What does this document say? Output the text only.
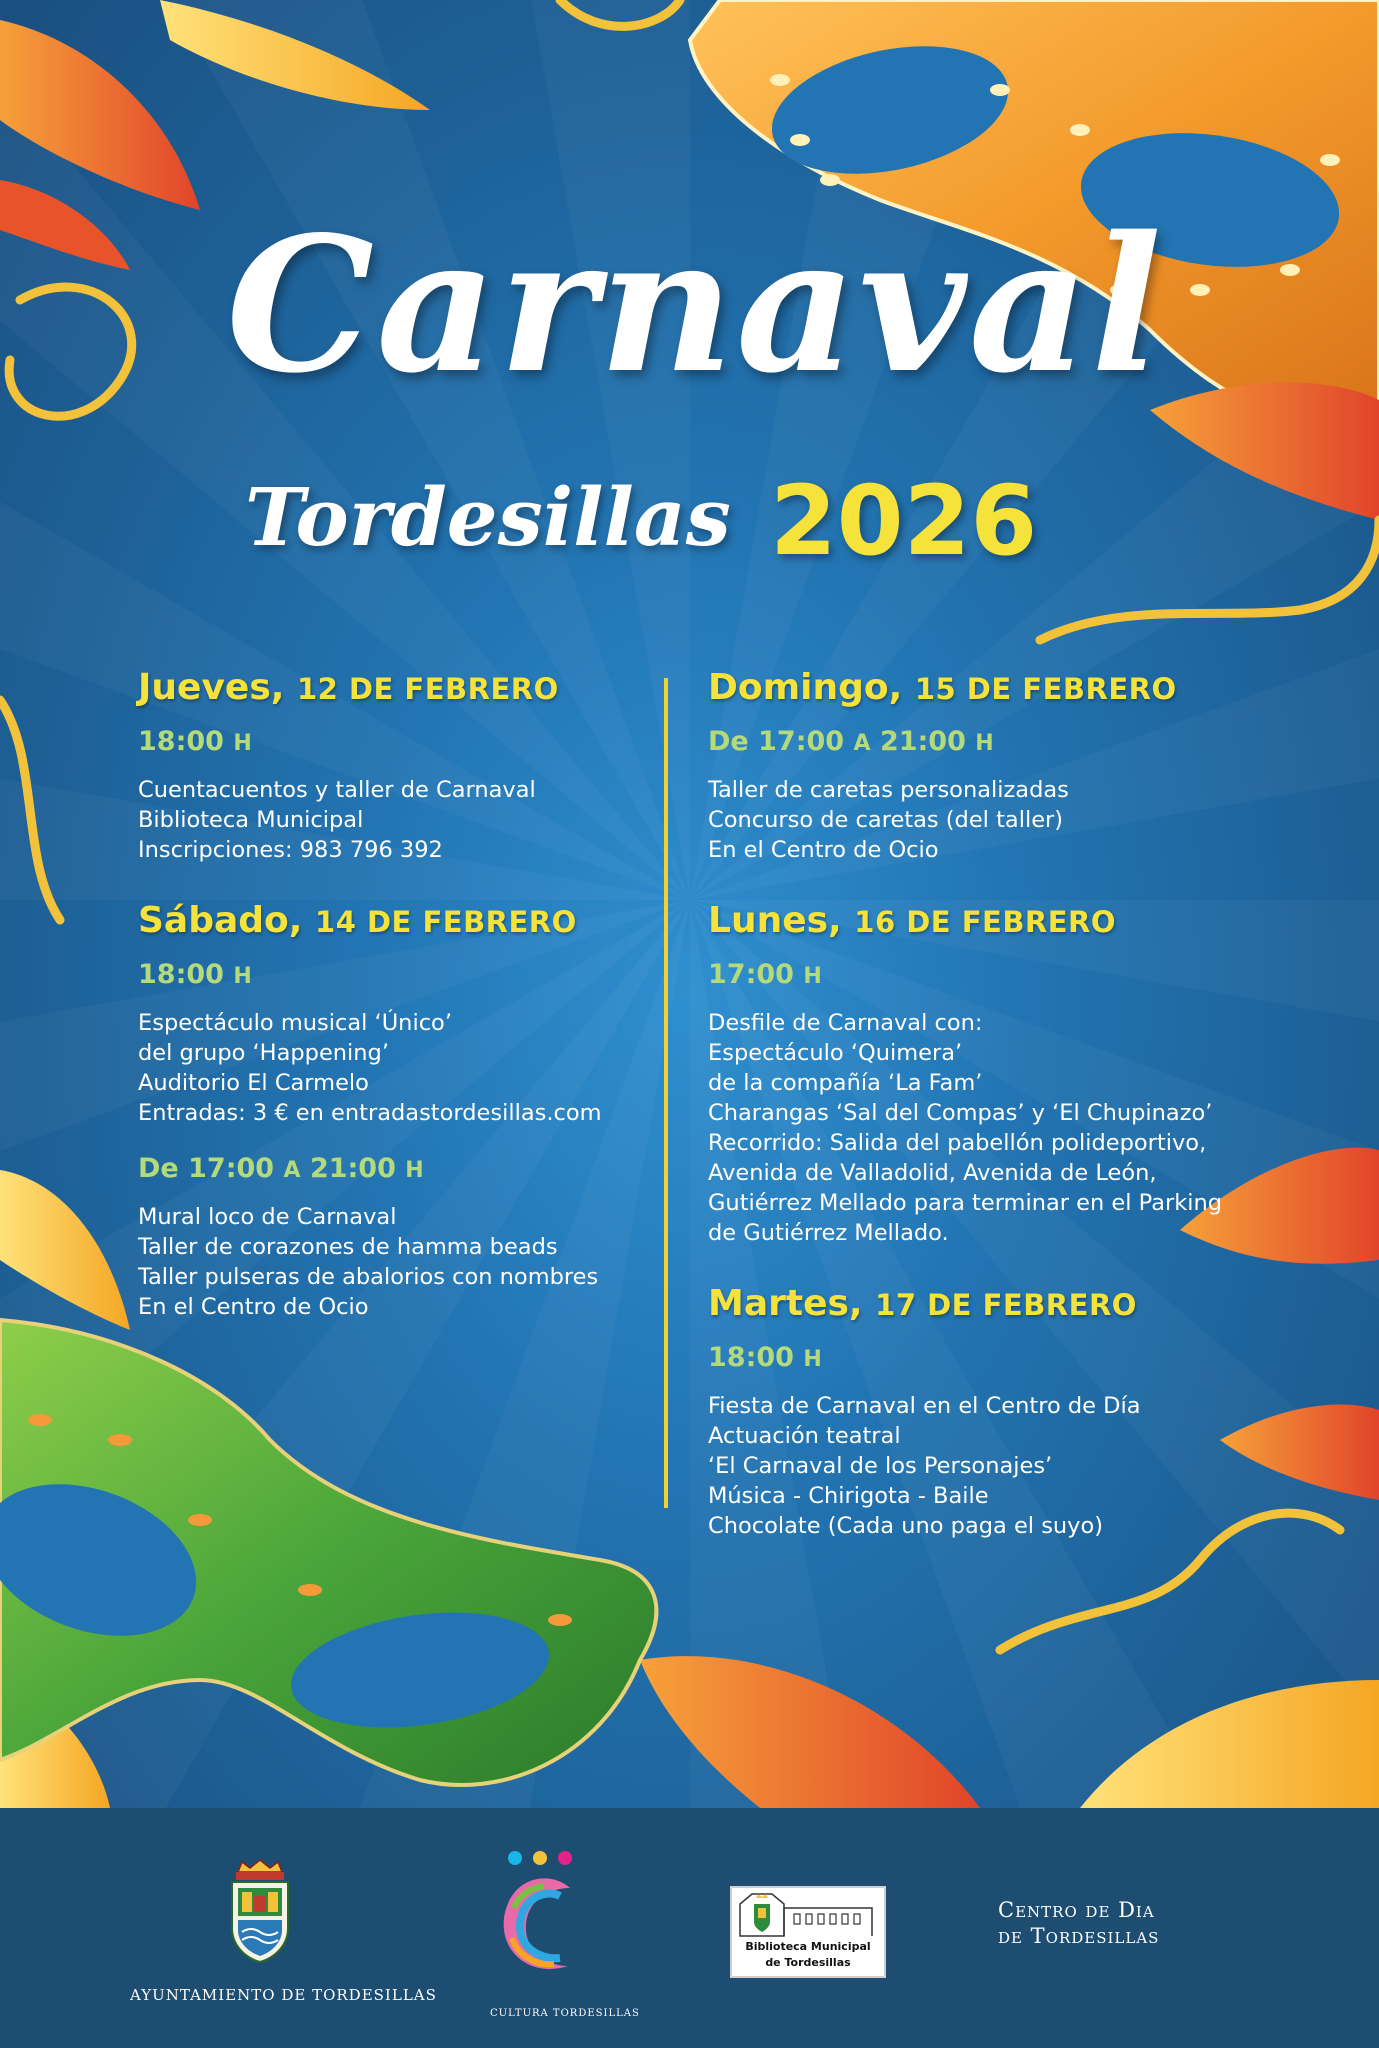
Carnaval
Tordesillas 2026

Jueves, 12 DE FEBRERO

18:00 H

Cuentacuentos y taller de Carnaval
Biblioteca Municipal
Inscripciones: 983 796 392

Sábado, 14 DE FEBRERO

18:00 H

Espectáculo musical ‘Único’
del grupo ‘Happening’
Auditorio El Carmelo
Entradas: 3 € en entradastordesillas.com

De 17:00 A 21:00 H

Mural loco de Carnaval
Taller de corazones de hamma beads
Taller pulseras de abalorios con nombres
En el Centro de Ocio

Domingo, 15 DE FEBRERO

De 17:00 A 21:00 H

Taller de caretas personalizadas
Concurso de caretas (del taller)
En el Centro de Ocio

Lunes, 16 DE FEBRERO

17:00 H

Desfile de Carnaval con:
Espectáculo ‘Quimera’
de la compañía ‘La Fam’
Charangas ‘Sal del Compas’ y ‘El Chupinazo’
Recorrido: Salida del pabellón polideportivo,
Avenida de Valladolid, Avenida de León,
Gutiérrez Mellado para terminar en el Parking
de Gutiérrez Mellado.

Martes, 17 DE FEBRERO

18:00 H

Fiesta de Carnaval en el Centro de Día
Actuación teatral
‘El Carnaval de los Personajes’
Música - Chirigota - Baile
Chocolate (Cada uno paga el suyo)
AYUNTAMIENTO DE TORDESILLAS
CULTURA TORDESILLAS
Biblioteca Municipal
de Tordesillas
Centro de Dia
de Tordesillas
